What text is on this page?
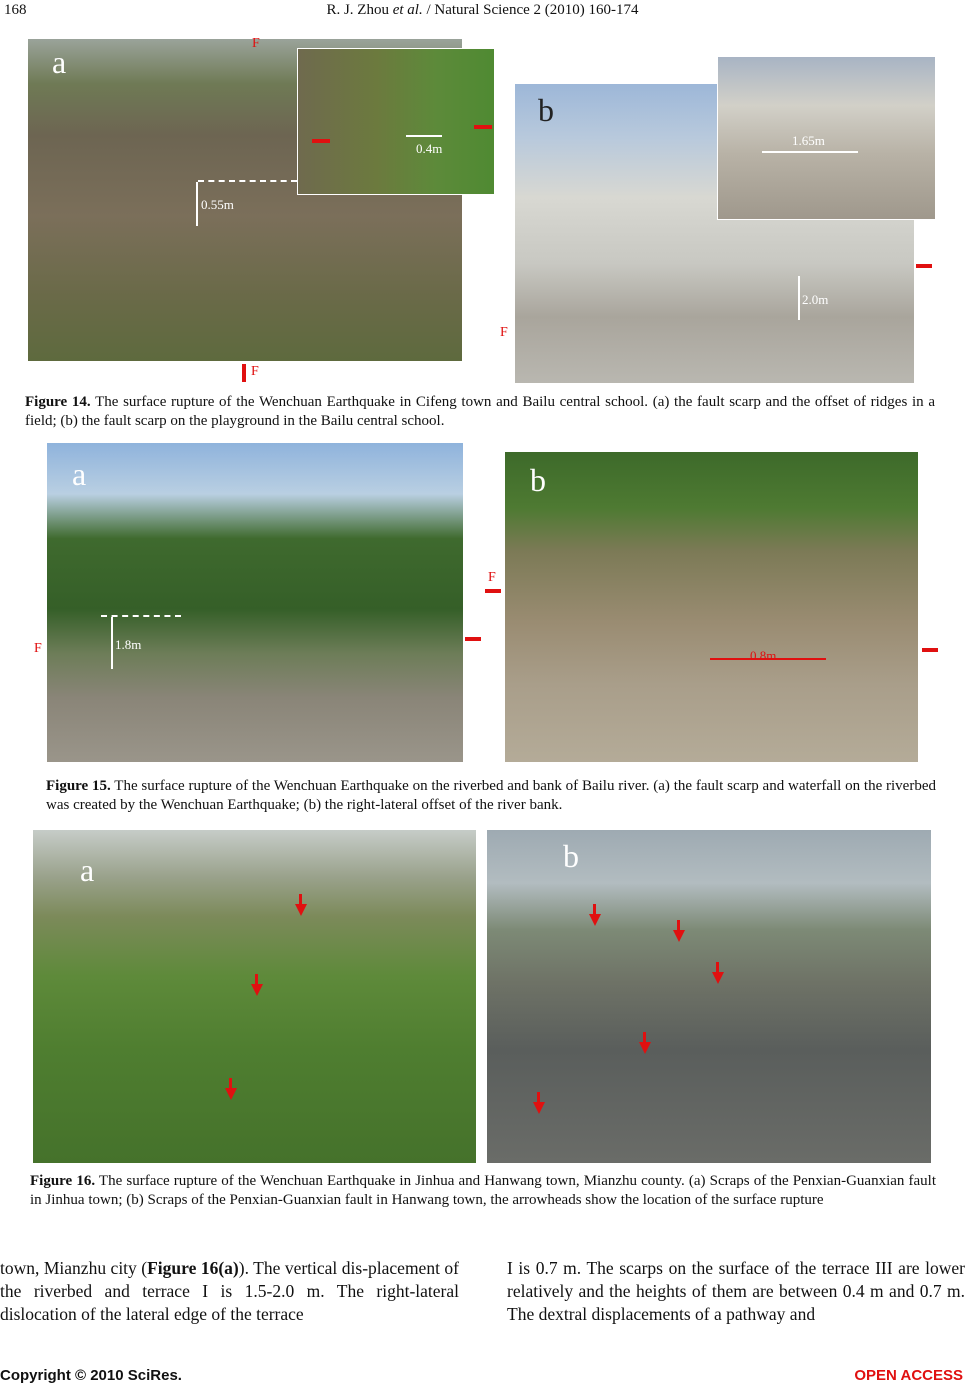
168	R. J. Zhou et al. / Natural Science 2 (2010) 160-174
0.55m
a
0.4m
F
F
2.0m
b
1.65m
F
Figure 14. The surface rupture of the Wenchuan Earthquake in Cifeng town and Bailu central school. (a) the fault scarp and the offset of ridges in a field; (b) the fault scarp on the playground in the Bailu central school.
1.8m
a
F	0.8m
b
F
Figure 15. The surface rupture of the Wenchuan Earthquake on the riverbed and bank of Bailu river. (a) the fault scarp and waterfall on the riverbed was created by the Wenchuan Earthquake; (b) the right-lateral offset of the river bank.
a	b
Figure 16. The surface rupture of the Wenchuan Earthquake in Jinhua and Hanwang town, Mianzhu county. (a) Scraps of the Penxian-Guanxian fault in Jinhua town; (b) Scraps of the Penxian-Guanxian fault in Hanwang town, the arrowheads show the location of the surface rupture
town, Mianzhu city (Figure 16(a)). The vertical dis-placement of the riverbed and terrace I is 1.5-2.0 m. The right-lateral dislocation of the lateral edge of the terrace
I is 0.7 m. The scarps on the surface of the terrace III are lower relatively and the heights of them are between 0.4 m and 0.7 m. The dextral displacements of a pathway and
Copyright © 2010 SciRes.	OPEN ACCESS
